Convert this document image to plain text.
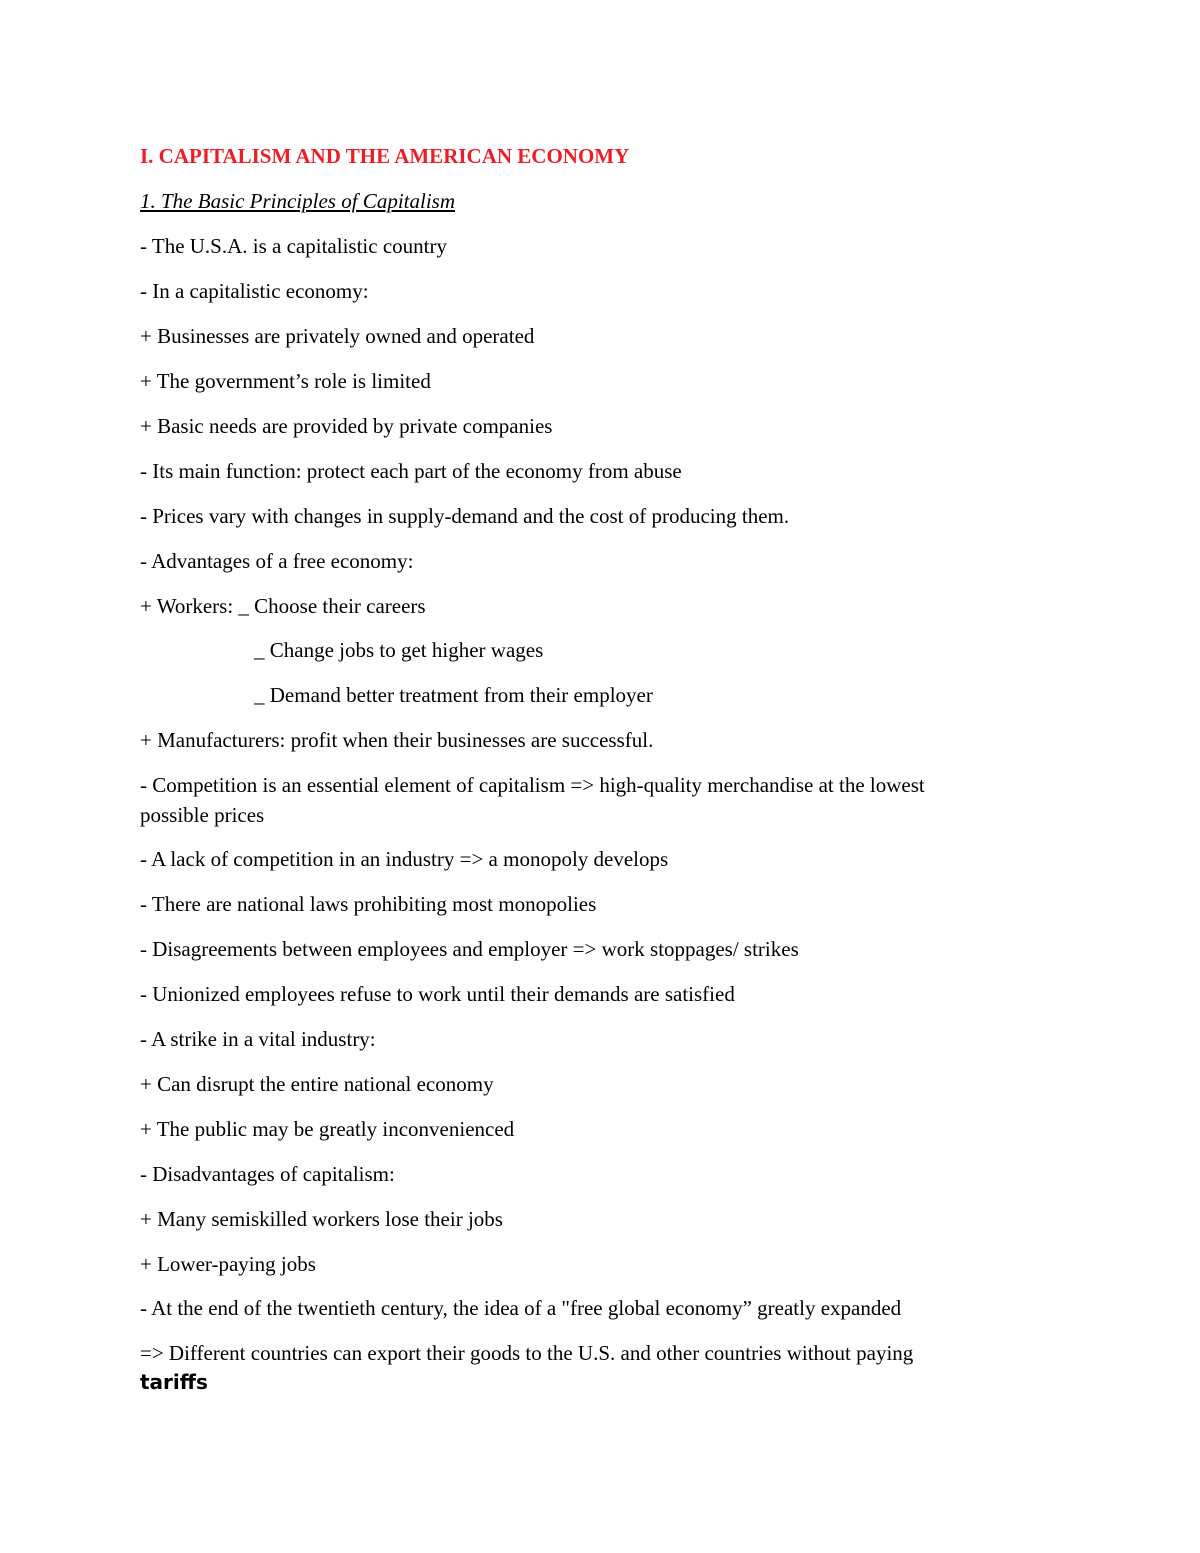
I. CAPITALISM AND THE AMERICAN ECONOMY
1. The Basic Principles of Capitalism
- The U.S.A. is a capitalistic country
- In a capitalistic economy:
+ Businesses are privately owned and operated
+ The government’s role is limited
+ Basic needs are provided by private companies
- Its main function: protect each part of the economy from abuse
- Prices vary with changes in supply-demand and the cost of producing them.
- Advantages of a free economy:
+ Workers: _ Choose their careers
_ Change jobs to get higher wages
_ Demand better treatment from their employer
+ Manufacturers: profit when their businesses are successful.
- Competition is an essential element of capitalism => high-quality merchandise at the lowest
possible prices
- A lack of competition in an industry => a monopoly develops
- There are national laws prohibiting most monopolies
- Disagreements between employees and employer => work stoppages/ strikes
- Unionized employees refuse to work until their demands are satisfied
- A strike in a vital industry:
+ Can disrupt the entire national economy
+ The public may be greatly inconvenienced
- Disadvantages of capitalism:
+ Many semiskilled workers lose their jobs
+ Lower-paying jobs
- At the end of the twentieth century, the idea of a "free global economy” greatly expanded
=> Different countries can export their goods to the U.S. and other countries without paying
tariffs
